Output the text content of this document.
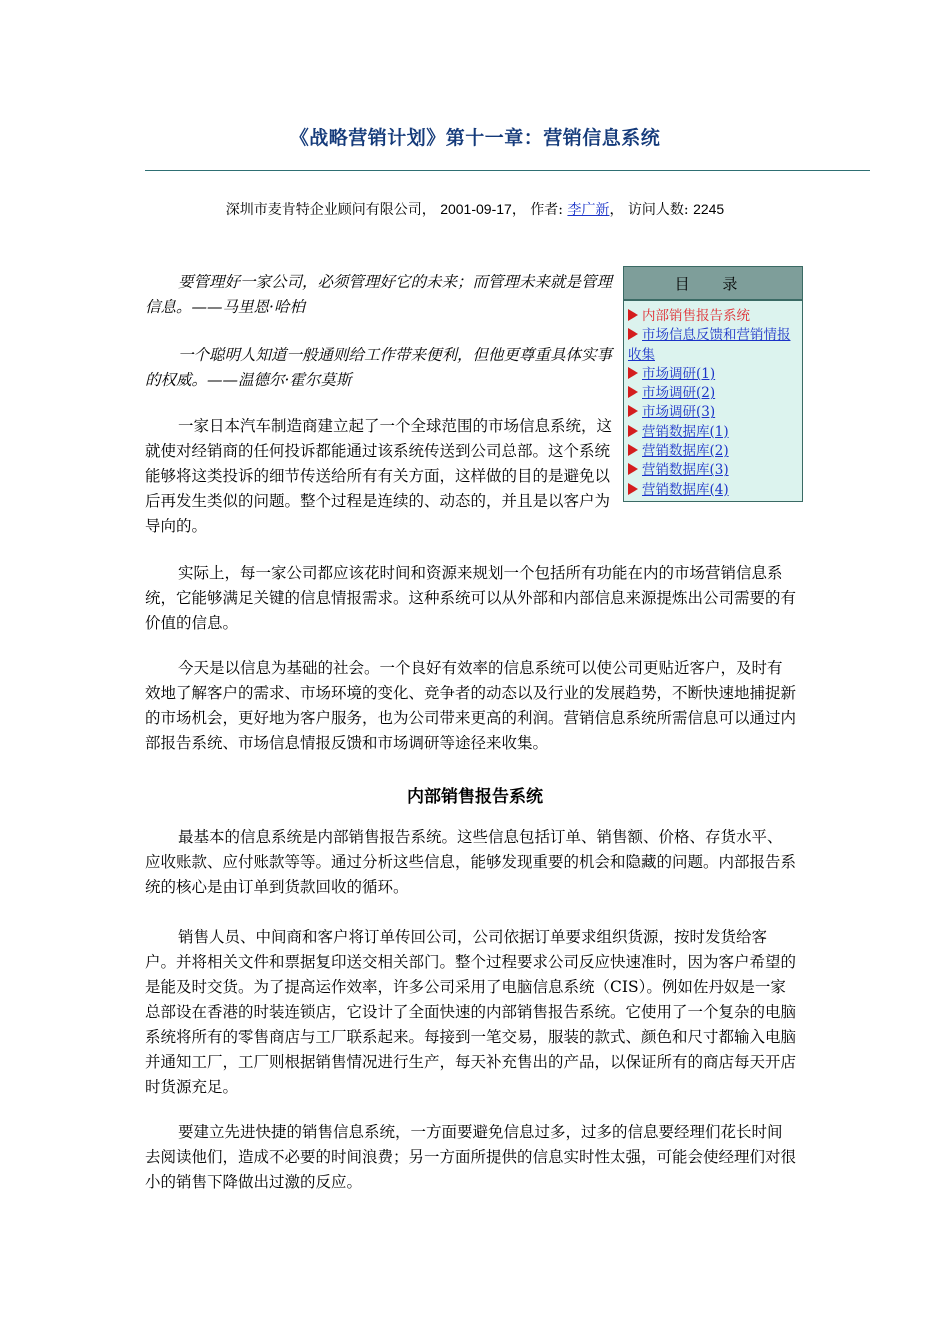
《战略营销计划》第十一章：营销信息系统
深圳市麦肯特企业顾问有限公司， 2001-09-17， 作者: 李广新， 访问人数: 2245

要管理好一家公司，必须管理好它的未来；而管理未来就是管理信息。——马里恩·哈柏

一个聪明人知道一般通则给工作带来便利，但他更尊重具体实事的权威。——温德尔·霍尔莫斯

一家日本汽车制造商建立起了一个全球范围的市场信息系统，这就使对经销商的任何投诉都能通过该系统传送到公司总部。这个系统能够将这类投诉的细节传送给所有有关方面，这样做的目的是避免以后再发生类似的问题。整个过程是连续的、动态的，并且是以客户为导向的。

目 录
内部销售报告系统
市场信息反馈和营销情报收集
市场调研(1)
市场调研(2)
市场调研(3)
营销数据库(1)
营销数据库(2)
营销数据库(3)
营销数据库(4)

实际上，每一家公司都应该花时间和资源来规划一个包括所有功能在内的市场营销信息系统，它能够满足关键的信息情报需求。这种系统可以从外部和内部信息来源提炼出公司需要的有价值的信息。

今天是以信息为基础的社会。一个良好有效率的信息系统可以使公司更贴近客户，及时有效地了解客户的需求、市场环境的变化、竞争者的动态以及行业的发展趋势，不断快速地捕捉新的市场机会，更好地为客户服务，也为公司带来更高的利润。营销信息系统所需信息可以通过内部报告系统、市场信息情报反馈和市场调研等途径来收集。

内部销售报告系统

最基本的信息系统是内部销售报告系统。这些信息包括订单、销售额、价格、存货水平、应收账款、应付账款等等。通过分析这些信息，能够发现重要的机会和隐藏的问题。内部报告系统的核心是由订单到货款回收的循环。

销售人员、中间商和客户将订单传回公司，公司依据订单要求组织货源，按时发货给客户。并将相关文件和票据复印送交相关部门。整个过程要求公司反应快速准时，因为客户希望的是能及时交货。为了提高运作效率，许多公司采用了电脑信息系统（CIS）。例如佐丹奴是一家总部设在香港的时装连锁店，它设计了全面快速的内部销售报告系统。它使用了一个复杂的电脑系统将所有的零售商店与工厂联系起来。每接到一笔交易，服装的款式、颜色和尺寸都输入电脑并通知工厂，工厂则根据销售情况进行生产，每天补充售出的产品，以保证所有的商店每天开店时货源充足。

要建立先进快捷的销售信息系统，一方面要避免信息过多，过多的信息要经理们花长时间去阅读他们，造成不必要的时间浪费；另一方面所提供的信息实时性太强，可能会使经理们对很小的销售下降做出过激的反应。
